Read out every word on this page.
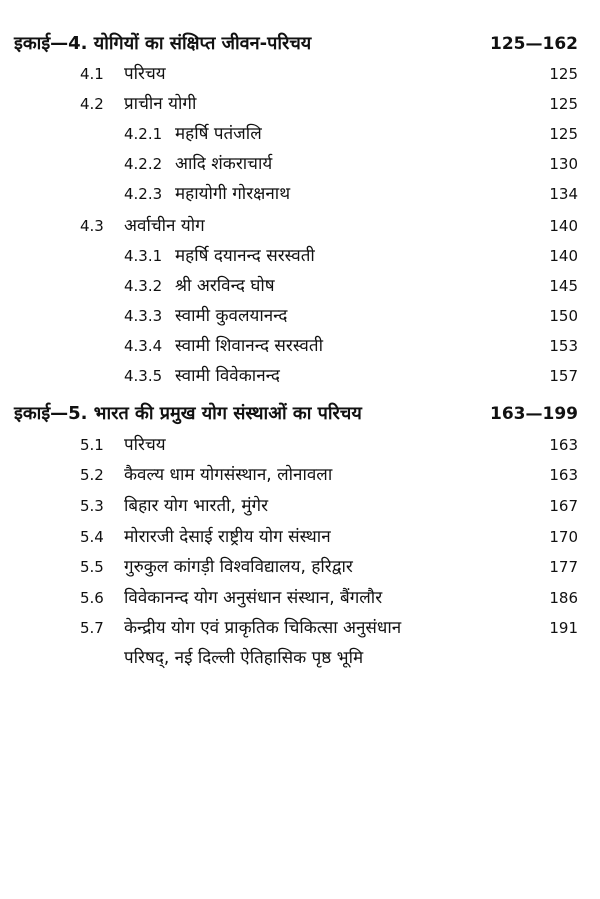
इकाई—4. योगियों का संक्षिप्त जीवन-परिचय	125—162
4.1 परिचय	125
4.2 प्राचीन योगी	125
4.2.1 महर्षि पतंजलि	125
4.2.2 आदि शंकराचार्य	130
4.2.3 महायोगी गोरक्षनाथ	134
4.3 अर्वाचीन योग	140
4.3.1 महर्षि दयानन्द सरस्वती	140
4.3.2 श्री अरविन्द घोष	145
4.3.3 स्वामी कुवलयानन्द	150
4.3.4 स्वामी शिवानन्द सरस्वती	153
4.3.5 स्वामी विवेकानन्द	157
इकाई—5. भारत की प्रमुख योग संस्थाओं का परिचय	163—199
5.1 परिचय	163
5.2 कैवल्य धाम योगसंस्थान, लोनावला	163
5.3 बिहार योग भारती, मुंगेर	167
5.4 मोरारजी देसाई राष्ट्रीय योग संस्थान	170
5.5 गुरुकुल कांगड़ी विश्वविद्यालय, हरिद्वार	177
5.6 विवेकानन्द योग अनुसंधान संस्थान, बैंगलौर	186
5.7 केन्द्रीय योग एवं प्राकृतिक चिकित्सा अनुसंधान	191
परिषद्, नई दिल्ली ऐतिहासिक पृष्ठ भूमि
